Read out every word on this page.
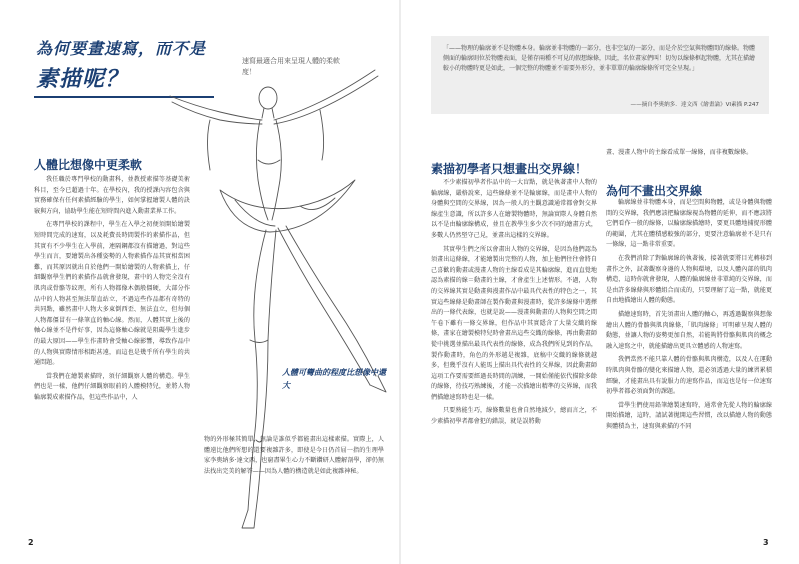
為何要畫速寫，而不是
素描呢？
速寫最適合用來呈現人體的柔軟度！
人體比想像中更柔軟

我任職於專門學校的動畫科，並教授素描等基礎美術科目，至今已超過十年。在學校內，我的授課內容包含與實務確保有任何素描經驗的學生，如何掌握繪製人體的訣竅與方向，協助學生能在短時間內進入動畫業界工作。

在專門學校的課程中，學生在入學之初便須開始繪製短時間完成的速寫，以及耗費長時間製作的素描作品，但其實有不少學生在入學前，連隔鋼都沒有描繪過，對這些學生而言，要繪製出各種姿勢的人物素描作品其實相當困難，而其原因就出自於他們一開始繪製的人物素描上，仔細觀察學生們的素描作品就會發現，畫中的人物完全沒有肌肉或骨骼等紋理，所有人物都像木偶般僵硬，大部分作品中的人物甚至無法單直站立，不過這些作品都有奇特的共同點，雖然畫中人物大多東倒西歪、無法直立，但每個人物都僵冒有一條筆直的軸心線。然而，人體其實上後的軸心線並不是件好事，因為這條軸心線就是阻礙學生進步的最大原因——學生作畫時會受軸心線影響，導致作品中的人物與實際情形相距甚遠，而這也是幾乎所有學生的共通問題。

當我們在繪製素描時，須仔細觀察人體的構造。學生們也是一樣，他們仔細觀察眼前的人體模特兒，並將人物輪廓製成素描作品，但這些作品中，人

人體可彎曲的程度比想像中還大

物的外形極其簡單，無論是誰似乎都能畫出這樣素描。實際上，人體遠比他們所想的還要複雜許多，即使是今日仍首屈一指的生理學家李奧納多·達文西，也窮盡畢生心力不斷鑽研人體解剖學，卻仍無法找出完美的解答——因為人體的構造就是如此複雜神秘。

2
「——物理的輪廓並不是物體本身。輪廓並非物體的一部分，也非空氣的一部分，而是介於空氣與物體間的線條。物體側面的輪廓則位於物體表面，是僅存兩種不可見的假想線條，因此，名位畫家們叫！切勿以線條框起物體，尤其在描繪較小的物體時更是如此，一個完整的物體並不需要外形分，並非單單的輪廓線條所可完全呈現。」
——摘自李奧納多．達文西《繪畫論》VI素描 P.247
素描初學者只想畫出交界線！

不少素描初學者作品中的一大盲點，就是執著畫中人物的輪廓線，嚴格說來，這些線條並不是輪廓線，而是畫中人物的身體與空間的交界線，因為一般人的主觀意識通常都會對交界線產生意識，所以許多人在繪製物體時，無論實際人身體自然以不是由輪廓線構成，並且在教學生多少次不同的繪畫方式，多數人仍然堅守己見，並畫出這樣的交界線。

其實學生們之所以會畫出人物的交界線，是因為他們認為須畫出這條線，才能繪製出完整的人物，加上他們往往會將自己喜歡的動畫或漫畫人物的主線看成是其輪廓線，進而直覺地認為素描的線＝動畫的主線，才會產生上述情形。不過，人物的交界線其實是動畫與漫畫作品中最具代表性的特色之一，其實這些線條是動畫師在製作動畫與漫畫時，從許多線條中選擇出的一條代表線，也就是說——漫畫與動畫的人物與空間之間午卷下雖有一條交界線，但作品中其實隱含了大量交織的線條，畫家在繪製模特兒時會畫出這些交織的線條，再由動畫師從中挑選並描出最具代表性的線條，成為我們所見到的作品，製作動畫時，角色的外形越是複雜，底稿中交織的線條就越多，但幾乎沒有人能馬上描出具代表性的交界線，因此動畫師這項工作要需要經過長時間的訓練，一開始僅能依代描除多餘的線條，待技巧熟練後，才能一次描繪出精準的交界線，而我們描繪速寫時也是一樣。

只要熟能生巧，線條數量也會自然地減少，總而言之，不少素描初學者都會犯的錯誤，就是誤將動

畫、漫畫人物中的主線看成單一線條，而非複數線條。

為何不畫出交界線

輪廓線並非物體本身，而是空間與物體，或是身體與物體間的交界線，我們應該把輪廓線視為物體的延伸，而不應該將它們看作一般的線條，以輪廓線描繪時，要更具體地捕捉形體的範圍，尤其在體積感較強的部分，更要注意輪廓並不是只有一條線，這一點非常重要。

在我們消除了對輪廓線的執著後，接著就要將目光轉移到畫作之外，試著觀察身邊的人物與環境，以及人體內部的肌肉構造，這時你就會發現，人體的輪廓線並非單純的交界線，而是由許多線條與形體組合而成的，只要理解了這一點，就能更自由地描繪出人體的動態。

描繪速寫時，首先須畫出人體的軸心，再透過觀察與想像繪出人體的骨骼與肌肉線條，「肌肉線條」可明確呈現人體的動態，並讓人物的姿勢更加自然，若能夠將骨骼與肌肉的概念融入速寫之中，就能描繪出更具立體感的人物速寫。

我們當然不能只靠人體的骨骼與肌肉構造，以及人在運動時肌肉與骨骼的變化來描繪人物，還必須透過大量的練習累積經驗，才能畫出具有說服力的速寫作品，而這也是每一位速寫初學者都必須面對的課題。

當學生們使用鉛筆繪製速寫時，通常會先從人物的輪廓線開始描繪，這時，請試著拋開這些習慣，改以描繪人物的動態與體積為主，速寫與素描的不同

3
